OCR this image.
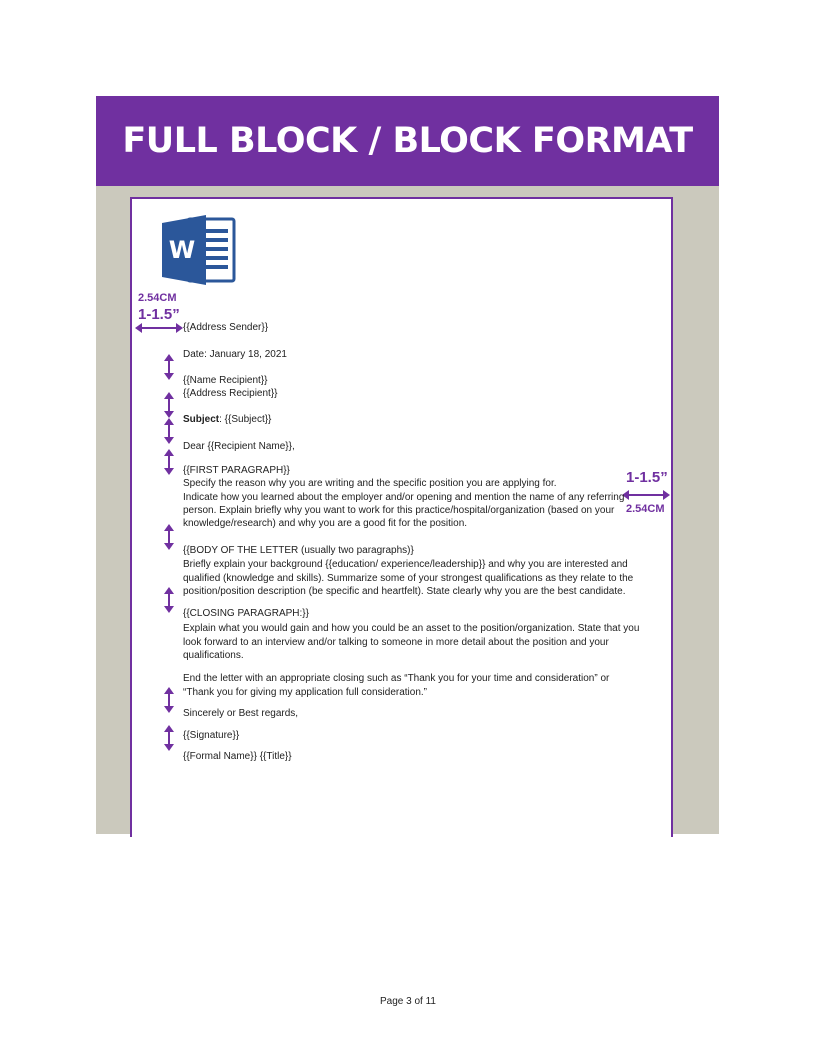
FULL BLOCK / BLOCK FORMAT
W
2.54CM
1-1.5”
1-1.5”
2.54CM
{{Address Sender}}
Date: January 18, 2021
{{Name Recipient}}
{{Address Recipient}}
Subject: {{Subject}}
Dear {{Recipient Name}},
{{FIRST PARAGRAPH}}
Specify the reason why you are writing and the specific position you are applying for.
Indicate how you learned about the employer and/or opening and mention the name of any referring
person. Explain briefly why you want to work for this practice/hospital/organization (based on your
knowledge/research) and why you are a good fit for the position.
{{BODY OF THE LETTER (usually two paragraphs)}
Briefly explain your background {{education/ experience/leadership}} and why you are interested and
qualified (knowledge and skills). Summarize some of your strongest qualifications as they relate to the
position/position description (be specific and heartfelt). State clearly why you are the best candidate.
{{CLOSING PARAGRAPH:}}
Explain what you would gain and how you could be an asset to the position/organization. State that you
look forward to an interview and/or talking to someone in more detail about the position and your
qualifications.
End the letter with an appropriate closing such as “Thank you for your time and consideration” or
“Thank you for giving my application full consideration.”
Sincerely or Best regards,
{{Signature}}
{{Formal Name}} {{Title}}
Page 3 of 11
